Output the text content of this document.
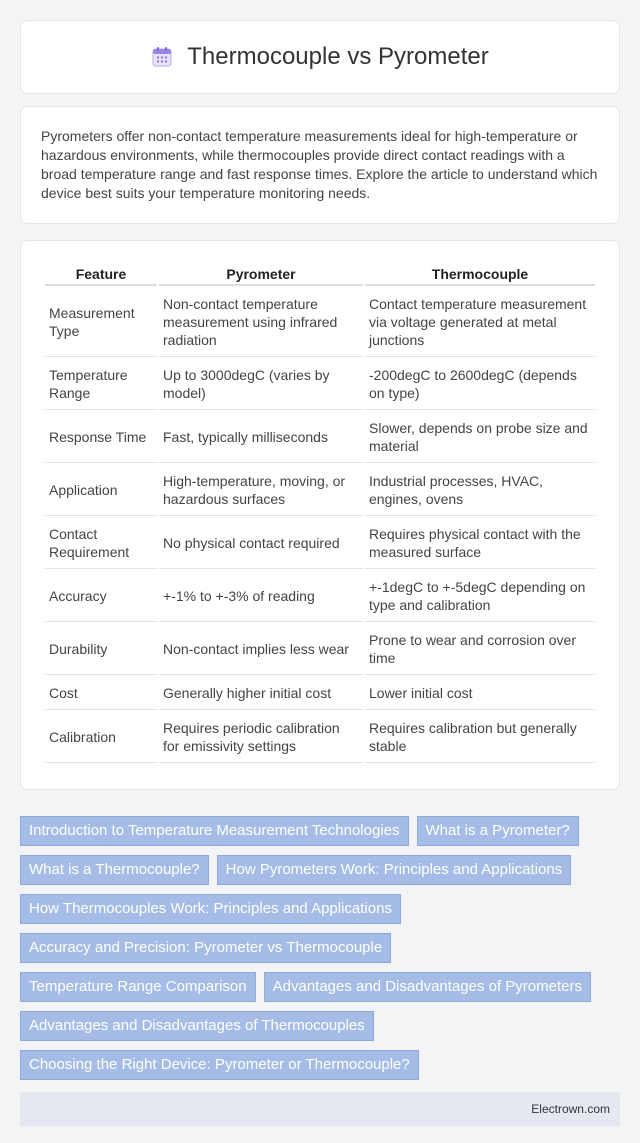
Thermocouple vs Pyrometer

Pyrometers offer non-contact temperature measurements ideal for high-temperature or hazardous environments, while thermocouples provide direct contact readings with a broad temperature range and fast response times. Explore the article to understand which device best suits your temperature monitoring needs.

Feature	Pyrometer	Thermocouple
Measurement Type	Non-contact temperature measurement using infrared radiation	Contact temperature measurement via voltage generated at metal junctions
Temperature Range	Up to 3000degC (varies by model)	-200degC to 2600degC (depends on type)
Response Time	Fast, typically milliseconds	Slower, depends on probe size and material
Application	High-temperature, moving, or hazardous surfaces	Industrial processes, HVAC, engines, ovens
Contact Requirement	No physical contact required	Requires physical contact with the measured surface
Accuracy	+-1% to +-3% of reading	+-1degC to +-5degC depending on type and calibration
Durability	Non-contact implies less wear	Prone to wear and corrosion over time
Cost	Generally higher initial cost	Lower initial cost
Calibration	Requires periodic calibration for emissivity settings	Requires calibration but generally stable
Introduction to Temperature Measurement Technologies	What is a Pyrometer?
What is a Thermocouple?	How Pyrometers Work: Principles and Applications
How Thermocouples Work: Principles and Applications
Accuracy and Precision: Pyrometer vs Thermocouple
Temperature Range Comparison	Advantages and Disadvantages of Pyrometers
Advantages and Disadvantages of Thermocouples
Choosing the Right Device: Pyrometer or Thermocouple?
Electrown.com
